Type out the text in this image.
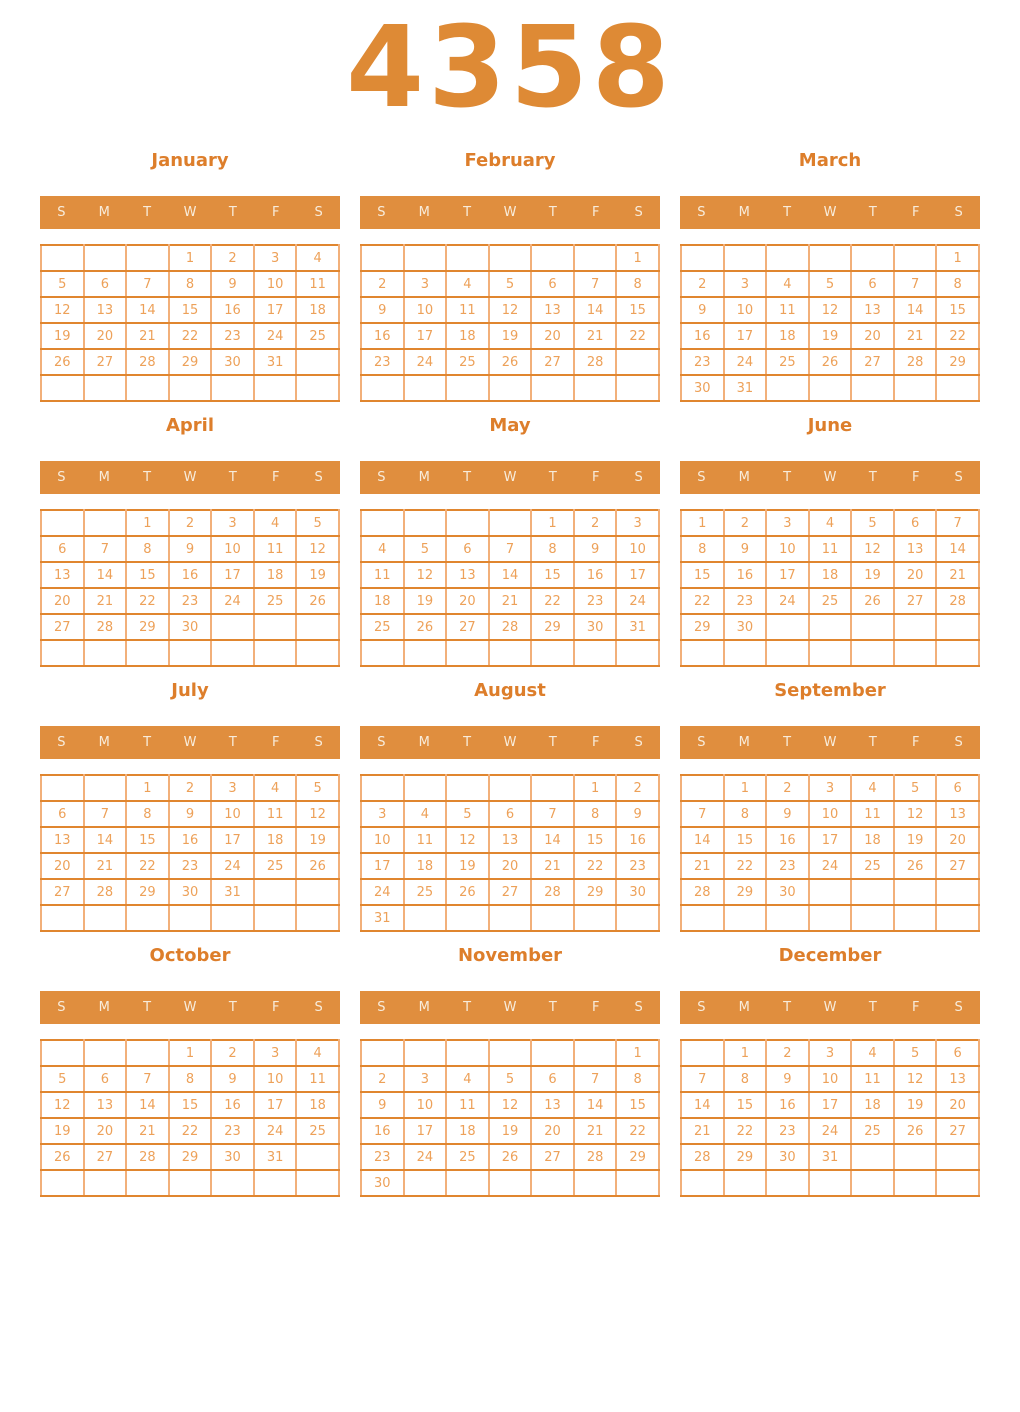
4358
January
S	M	T	W	T	F	S
			1	2	3	4
5	6	7	8	9	10	11
12	13	14	15	16	17	18
19	20	21	22	23	24	25
26	27	28	29	30	31	

February
S	M	T	W	T	F	S
						1
2	3	4	5	6	7	8
9	10	11	12	13	14	15
16	17	18	19	20	21	22
23	24	25	26	27	28	

March
S	M	T	W	T	F	S
						1
2	3	4	5	6	7	8
9	10	11	12	13	14	15
16	17	18	19	20	21	22
23	24	25	26	27	28	29
30	31					
April
S	M	T	W	T	F	S
		1	2	3	4	5
6	7	8	9	10	11	12
13	14	15	16	17	18	19
20	21	22	23	24	25	26
27	28	29	30			

May
S	M	T	W	T	F	S
				1	2	3
4	5	6	7	8	9	10
11	12	13	14	15	16	17
18	19	20	21	22	23	24
25	26	27	28	29	30	31

June
S	M	T	W	T	F	S
1	2	3	4	5	6	7
8	9	10	11	12	13	14
15	16	17	18	19	20	21
22	23	24	25	26	27	28
29	30					

July
S	M	T	W	T	F	S
		1	2	3	4	5
6	7	8	9	10	11	12
13	14	15	16	17	18	19
20	21	22	23	24	25	26
27	28	29	30	31		

August
S	M	T	W	T	F	S
					1	2
3	4	5	6	7	8	9
10	11	12	13	14	15	16
17	18	19	20	21	22	23
24	25	26	27	28	29	30
31						
September
S	M	T	W	T	F	S
	1	2	3	4	5	6
7	8	9	10	11	12	13
14	15	16	17	18	19	20
21	22	23	24	25	26	27
28	29	30				

October
S	M	T	W	T	F	S
			1	2	3	4
5	6	7	8	9	10	11
12	13	14	15	16	17	18
19	20	21	22	23	24	25
26	27	28	29	30	31	

November
S	M	T	W	T	F	S
						1
2	3	4	5	6	7	8
9	10	11	12	13	14	15
16	17	18	19	20	21	22
23	24	25	26	27	28	29
30						
December
S	M	T	W	T	F	S
	1	2	3	4	5	6
7	8	9	10	11	12	13
14	15	16	17	18	19	20
21	22	23	24	25	26	27
28	29	30	31			
